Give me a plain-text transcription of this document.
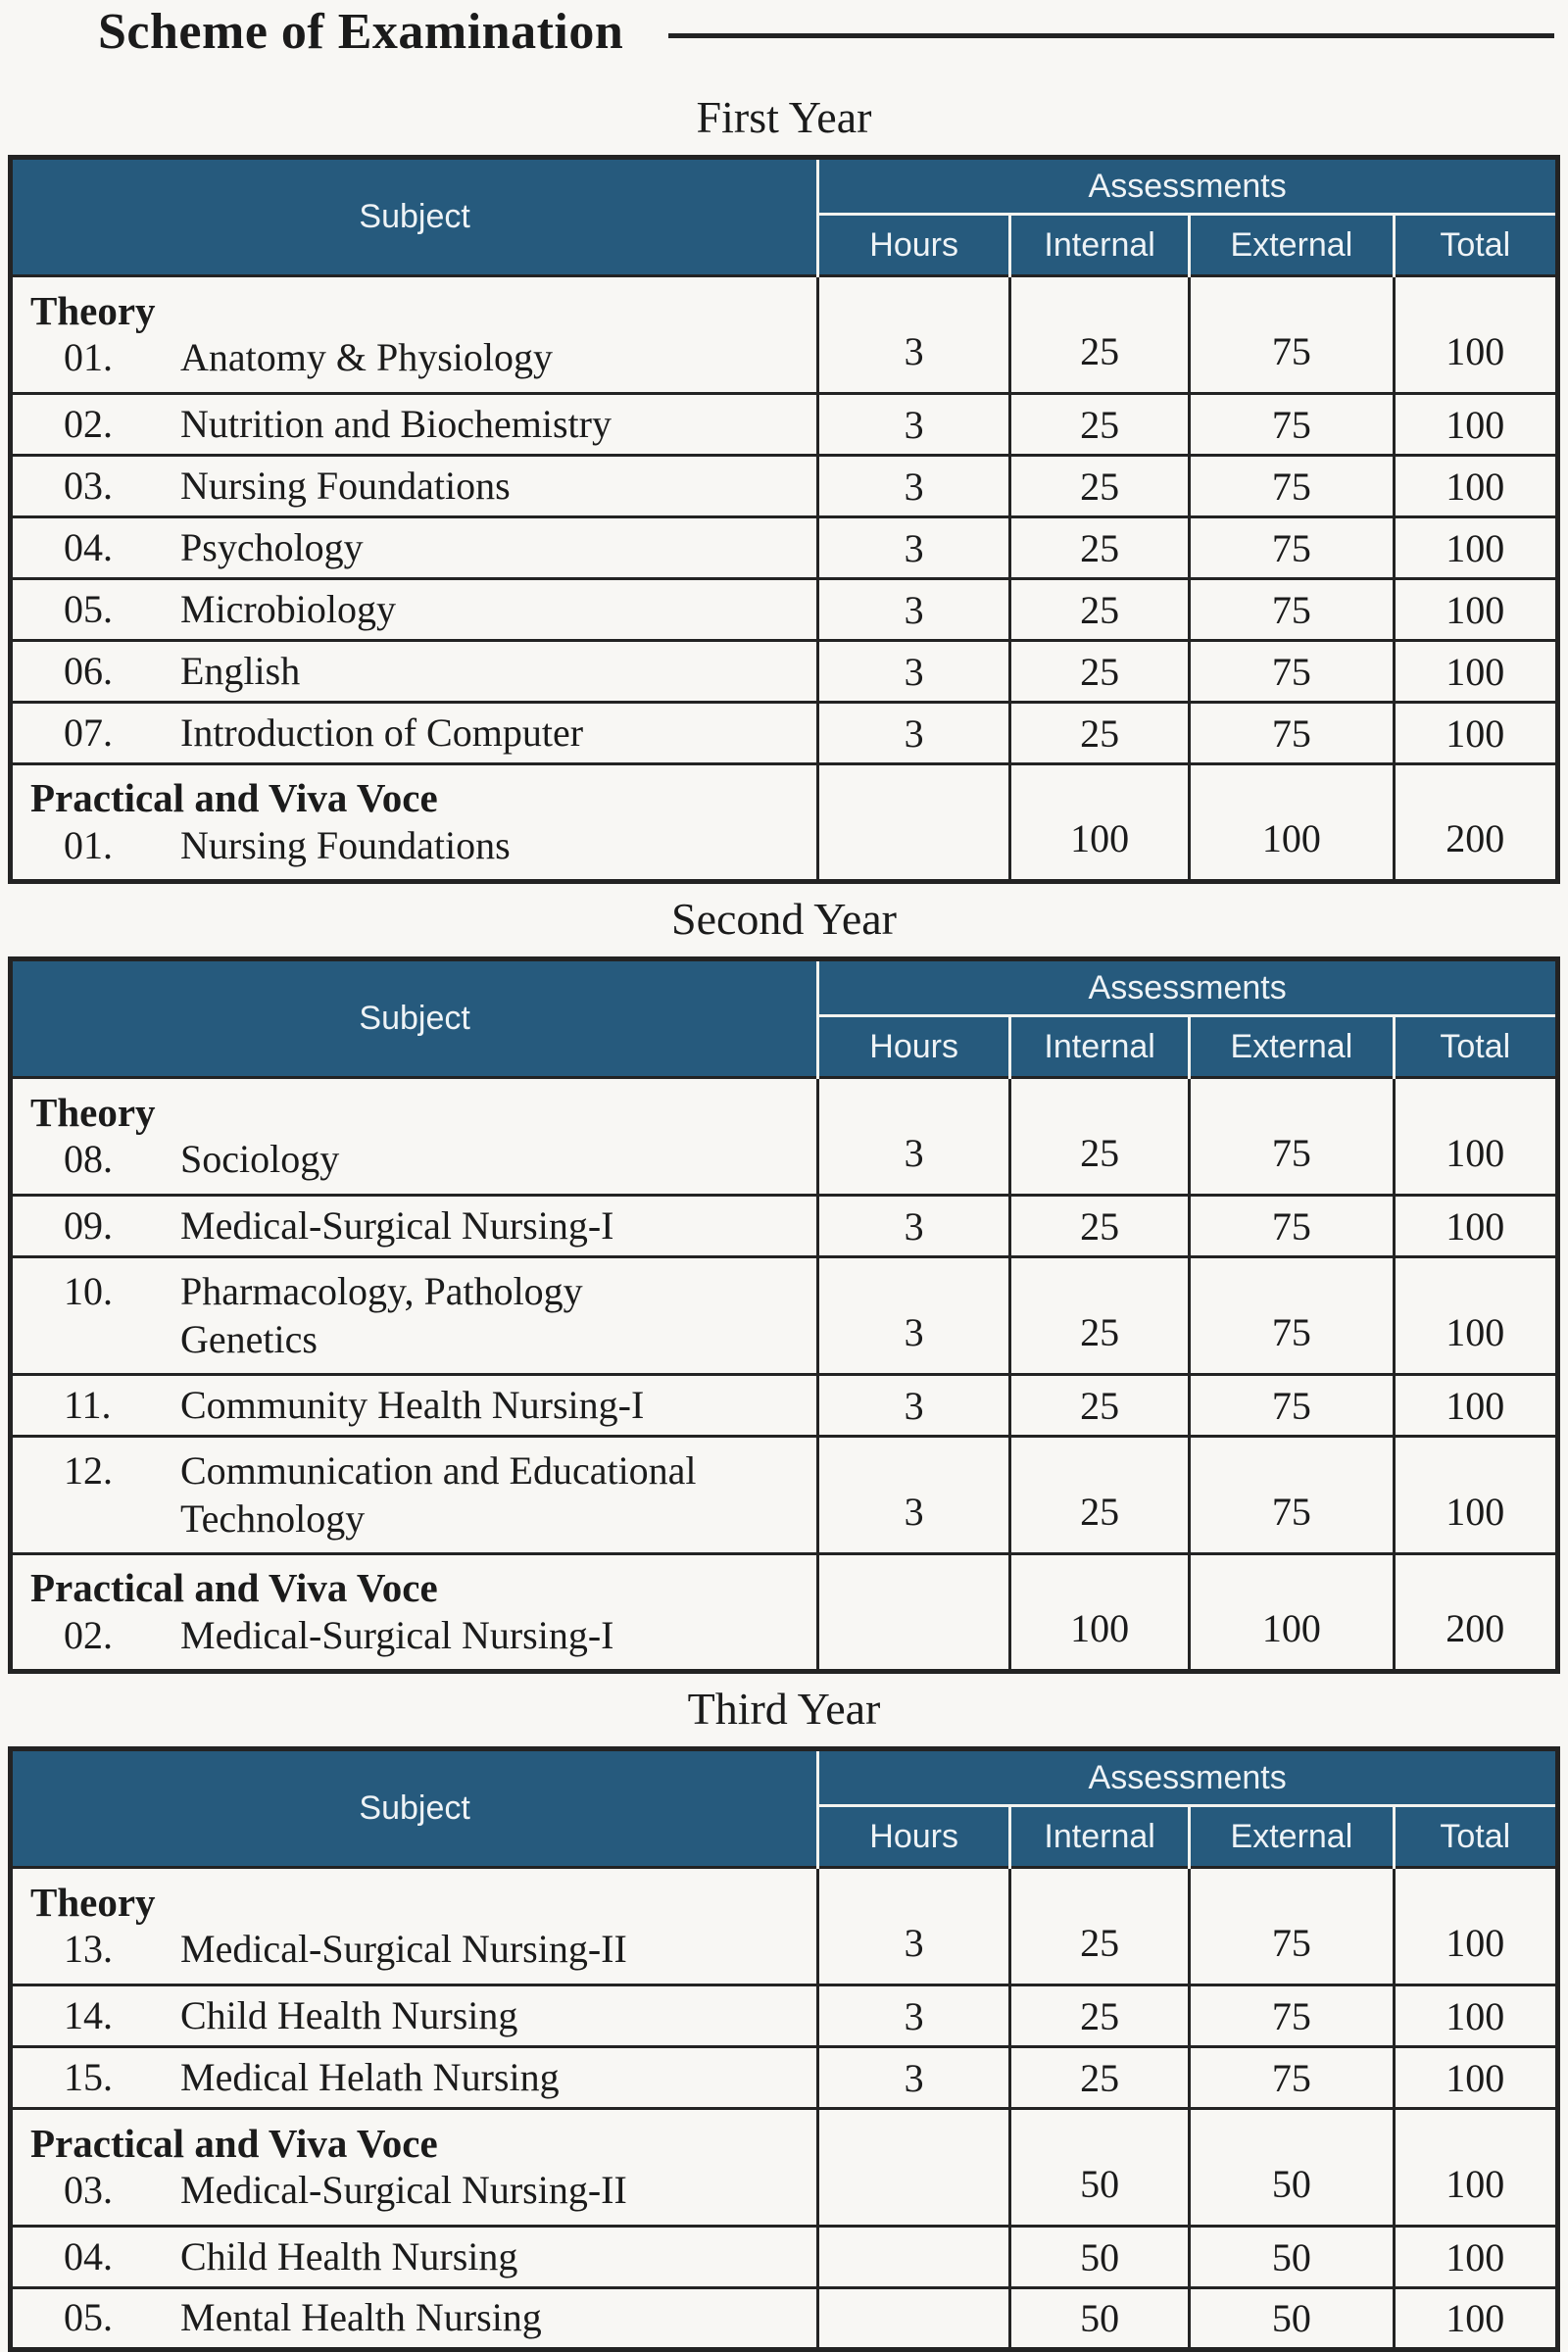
Scheme of Examination
First Year
Subject	Assessments			
	Hours	Internal	External	Total

Theory
01. Anatomy & Physiology	3	25	75	100

02. Nutrition and Biochemistry	3	25	75	100

03. Nursing Foundations	3	25	75	100

04. Psychology	3	25	75	100

05. Microbiology	3	25	75	100

06. English	3	25	75	100

07. Introduction of Computer	3	25	75	100

Practical and Viva Voce
01. Nursing Foundations		100	100	200
Second Year
Subject	Assessments			
	Hours	Internal	External	Total

Theory
08. Sociology	3	25	75	100

09. Medical-Surgical Nursing-I	3	25	75	100

10. Pharmacology, Pathology
Genetics	3	25	75	100

11. Community Health Nursing-I	3	25	75	100

12. Communication and Educational
Technology	3	25	75	100

Practical and Viva Voce
02. Medical-Surgical Nursing-I		100	100	200
Third Year
Subject	Assessments			
	Hours	Internal	External	Total

Theory
13. Medical-Surgical Nursing-II	3	25	75	100

14. Child Health Nursing	3	25	75	100

15. Medical Helath Nursing	3	25	75	100

Practical and Viva Voce
03. Medical-Surgical Nursing-II		50	50	100

04. Child Health Nursing		50	50	100

05. Mental Health Nursing		50	50	100
